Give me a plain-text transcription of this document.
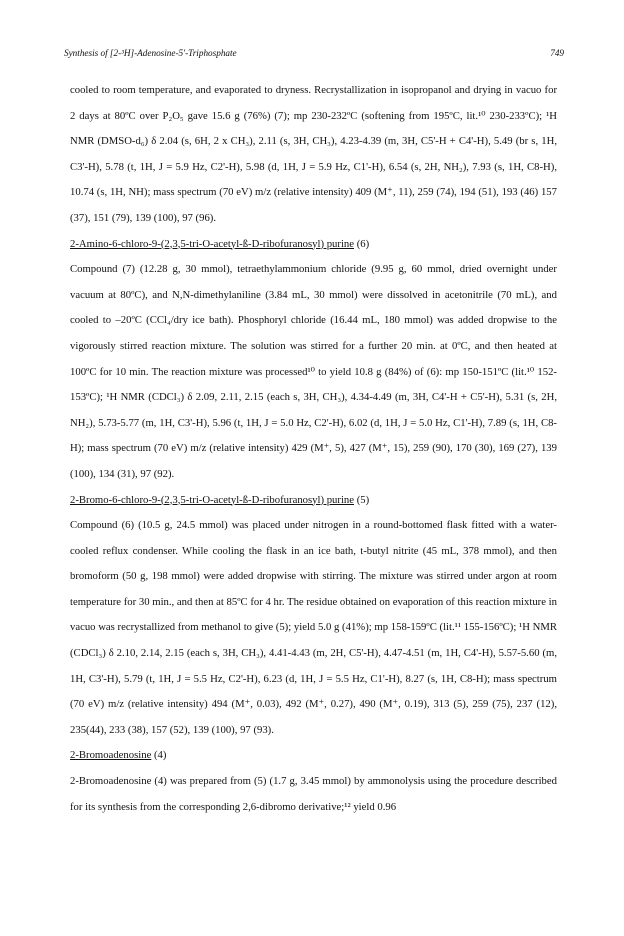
Synthesis of [2-³H]-Adenosine-5'-Triphosphate	749
cooled to room temperature, and evaporated to dryness. Recrystallization in isopropanol and drying in vacuo for 2 days at 80ºC over P₂O₅ gave 15.6 g (76%) (7); mp 230-232ºC (softening from 195ºC, lit.¹⁰ 230-233ºC); ¹H NMR (DMSO-d₆) δ 2.04 (s, 6H, 2 x CH₃), 2.11 (s, 3H, CH₃), 4.23-4.39 (m, 3H, C5'-H + C4'-H), 5.49 (br s, 1H, C3'-H), 5.78 (t, 1H, J = 5.9 Hz, C2'-H), 5.98 (d, 1H, J = 5.9 Hz, C1'-H), 6.54 (s, 2H, NH₂), 7.93 (s, 1H, C8-H), 10.74 (s, 1H, NH); mass spectrum (70 eV) m/z (relative intensity) 409 (M⁺, 11), 259 (74), 194 (51), 193 (46) 157 (37), 151 (79), 139 (100), 97 (96).
2-Amino-6-chloro-9-(2,3,5-tri-O-acetyl-ß-D-ribofuranosyl) purine (6)
Compound (7) (12.28 g, 30 mmol), tetraethylammonium chloride (9.95 g, 60 mmol, dried overnight under vacuum at 80ºC), and N,N-dimethylaniline (3.84 mL, 30 mmol) were dissolved in acetonitrile (70 mL), and cooled to –20ºC (CCl₄/dry ice bath). Phosphoryl chloride (16.44 mL, 180 mmol) was added dropwise to the vigorously stirred reaction mixture. The solution was stirred for a further 20 min. at 0ºC, and then heated at 100ºC for 10 min. The reaction mixture was processed¹⁰ to yield 10.8 g (84%) of (6): mp 150-151ºC (lit.¹⁰ 152-153ºC); ¹H NMR (CDCl₃) δ 2.09, 2.11, 2.15 (each s, 3H, CH₃), 4.34-4.49 (m, 3H, C4'-H + C5'-H), 5.31 (s, 2H, NH₂), 5.73-5.77 (m, 1H, C3'-H), 5.96 (t, 1H, J = 5.0 Hz, C2'-H), 6.02 (d, 1H, J = 5.0 Hz, C1'-H), 7.89 (s, 1H, C8-H); mass spectrum (70 eV) m/z (relative intensity) 429 (M⁺, 5), 427 (M⁺, 15), 259 (90), 170 (30), 169 (27), 139 (100), 134 (31), 97 (92).
2-Bromo-6-chloro-9-(2,3,5-tri-O-acetyl-ß-D-ribofuranosyl) purine (5)
Compound (6) (10.5 g, 24.5 mmol) was placed under nitrogen in a round-bottomed flask fitted with a water-cooled reflux condenser. While cooling the flask in an ice bath, t-butyl nitrite (45 mL, 378 mmol), and then bromoform (50 g, 198 mmol) were added dropwise with stirring. The mixture was stirred under argon at room temperature for 30 min., and then at 85ºC for 4 hr. The residue obtained on evaporation of this reaction mixture in vacuo was recrystallized from methanol to give (5); yield 5.0 g (41%); mp 158-159ºC (lit.¹¹ 155-156ºC); ¹H NMR (CDCl₃) δ 2.10, 2.14, 2.15 (each s, 3H, CH₃), 4.41-4.43 (m, 2H, C5'-H), 4.47-4.51 (m, 1H, C4'-H), 5.57-5.60 (m, 1H, C3'-H), 5.79 (t, 1H, J = 5.5 Hz, C2'-H), 6.23 (d, 1H, J = 5.5 Hz, C1'-H), 8.27 (s, 1H, C8-H); mass spectrum (70 eV) m/z (relative intensity) 494 (M⁺, 0.03), 492 (M⁺, 0.27), 490 (M⁺, 0.19), 313 (5), 259 (75), 237 (12), 235(44), 233 (38), 157 (52), 139 (100), 97 (93).
2-Bromoadenosine (4)
2-Bromoadenosine (4) was prepared from (5) (1.7 g, 3.45 mmol) by ammonolysis using the procedure described for its synthesis from the corresponding 2,6-dibromo derivative;¹² yield 0.96
